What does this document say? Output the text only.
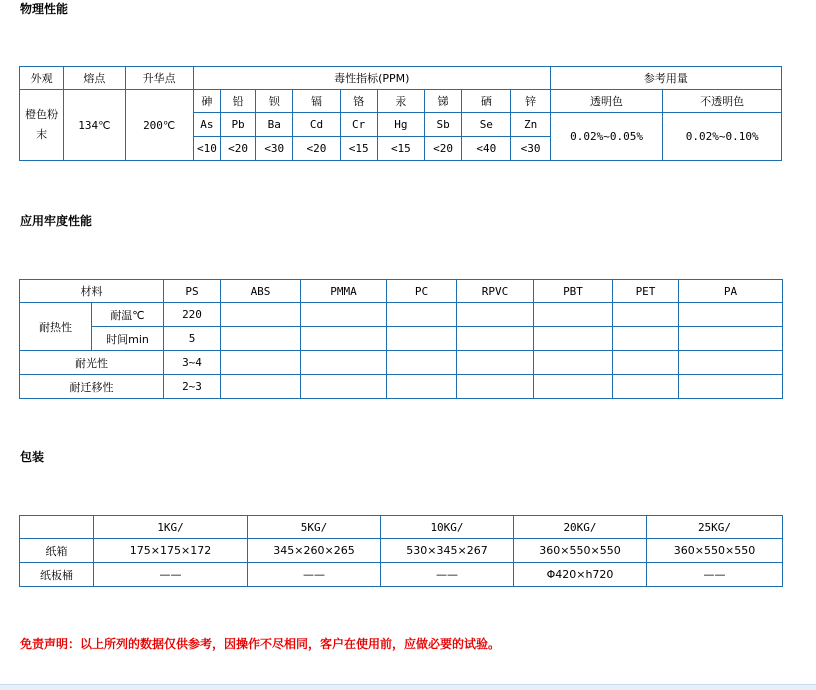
物理性能
外观	熔点	升华点	毒性指标(PPM)									参考用量	
橙色粉末	134℃	200℃	砷	铅	钡	镉	铬	汞	锑	硒	锌	透明色	不透明色
			As	Pb	Ba	Cd	Cr	Hg	Sb	Se	Zn	0.02%~0.05%	0.02%~0.10%
			<10	<20	<30	<20	<15	<15	<20	<40	<30		
应用牢度性能
材料		PS	ABS	PMMA	PC	RPVC	PBT	PET	PA
耐热性	耐温℃	220							
	时间min	5							
耐光性		3~4							
耐迁移性		2~3							
包装
	1KG/	5KG/	10KG/	20KG/	25KG/
纸箱	175×175×172	345×260×265	530×345×267	360×550×550	360×550×550
纸板桶	——	——	——	Φ420×h720	——
免责声明：以上所列的数据仅供参考，因操作不尽相同，客户在使用前，应做必要的试验。
